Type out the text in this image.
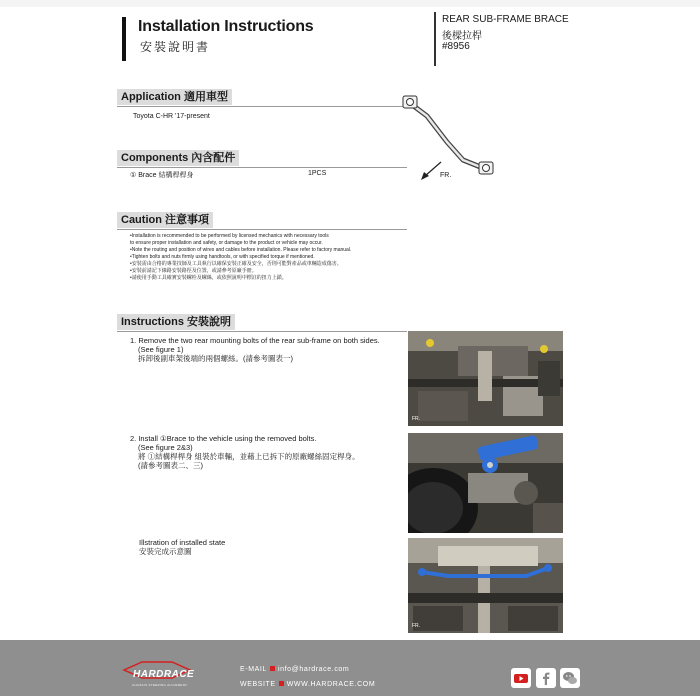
Installation Instructions
安裝說明書
REAR SUB-FRAME BRACE
後樑拉桿
#8956
Application 適用車型
Toyota C-HR '17-present
Components 內含配件
① Brace 結構桿桿身	1PCS	FR.
Caution 注意事項
•Installation is recommended to be performed by licensed mechanics with necessary tools
to ensure proper installation and safety, or damage to the product or vehicle may occur.
•Note the routing and position of wires and cables before installation. Please refer to factory manual.
•Tighten bolts and nuts firmly using handtools, or with specified torque if mentioned.
•安裝需由合格的專業技師及工具執行以確保安裝正確及安全，否則可能對產品或車輛造成傷害。
•安裝前請記下線路安裝路徑及位置，或請參考原廠手冊。
•請使用手動工具確實安裝螺栓及螺絲，或依照說明中標註的扭力上鎖。
Instructions 安裝說明
1. Remove the two rear mounting bolts of the rear sub-frame on both sides.
(See figure 1)
拆卸後副車架後端的兩個螺絲。(請參考圖表一)
2. Install ①Brace to the vehicle using the removed bolts.
(See figure 2&3)
將 ①結構桿桿身 組裝於車輛，並藉上已拆下的原廠螺絲固定桿身。
(請參考圖表二、三)
Illstration of installed state
安裝完成示意圖
FR.
FR.
HARDRACE
CHASSIS STEERING ALIGNMENT
E-MAIL info@hardrace.com
WEBSITE WWW.HARDRACE.COM
